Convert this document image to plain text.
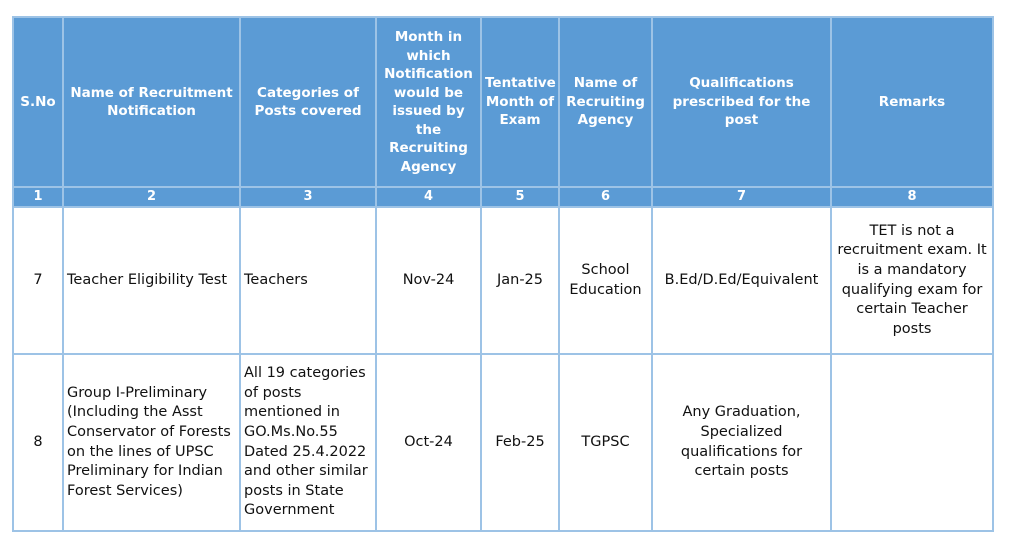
S.No	Name of Recruitment Notification	Categories of Posts covered	Month in which Notification would be issued by the Recruiting Agency	Tentative Month of Exam	Name of Recruiting Agency	Qualifications prescribed for the post	Remarks
1	2	3	4	5	6	7	8
7	Teacher Eligibility Test	Teachers	Nov-24	Jan-25	School Education	B.Ed/D.Ed/Equivalent	TET is not a recruitment exam. It is a mandatory qualifying exam for certain Teacher posts
8	Group I-Preliminary (Including the Asst Conservator of Forests on the lines of UPSC Preliminary for Indian Forest Services)	All 19 categories of posts mentioned in GO.Ms.No.55 Dated 25.4.2022 and other similar posts in State Government	Oct-24	Feb-25	TGPSC	Any Graduation, Specialized qualifications for certain posts	
